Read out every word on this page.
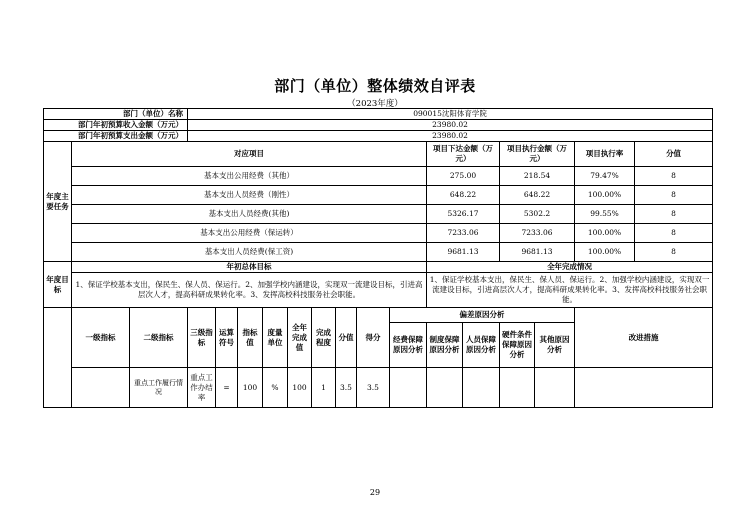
部门（单位）整体绩效自评表
（2023年度）
部门（单位）名称			090015沈阳体育学院															
部门年初预算收入金额（万元）			23980.02															
部门年初预算支出金额（万元）			23980.02															
年度主要任务	对应项目											项目下达金额（万元）		项目执行金额（万元）		项目执行率	分值	
	基本支出公用经费（其他）											275.00		218.54		79.47%	8	
	基本支出人员经费（刚性）											648.22		648.22		100.00%	8	
	基本支出人员经费(其他)											5326.17		5302.2		99.55%	8	
	基本支出公用经费（保运转）											7233.06		7233.06		100.00%	8	
	基本支出人员经费(保工资)											9681.13		9681.13		100.00%	8	
年度目标	年初总体目标											全年完成情况						
	1、保证学校基本支出，保民生、保人员、保运行。2、加强学校内涵建设，实现双一流建设目标，引进高层次人才，提高科研成果转化率。3、发挥高校科技服务社会职能。											1、保证学校基本支出，保民生、保人员、保运行。2、加强学校内涵建设，实现双一流建设目标，引进高层次人才，提高科研成果转化率。3、发挥高校科技服务社会职能。						
	一级指标	二级指标	三级指标	运算符号	指标值	度量单位	全年完成值	完成程度	分值	得分	偏差原因分析					改进措施		
											经费保障原因分析	制度保障原因分析	人员保障原因分析	硬件条件保障原因分析	其他原因分析			
		重点工作履行情况	重点工作办结率	=	100	%	100	1	3.5	3.5								
29
